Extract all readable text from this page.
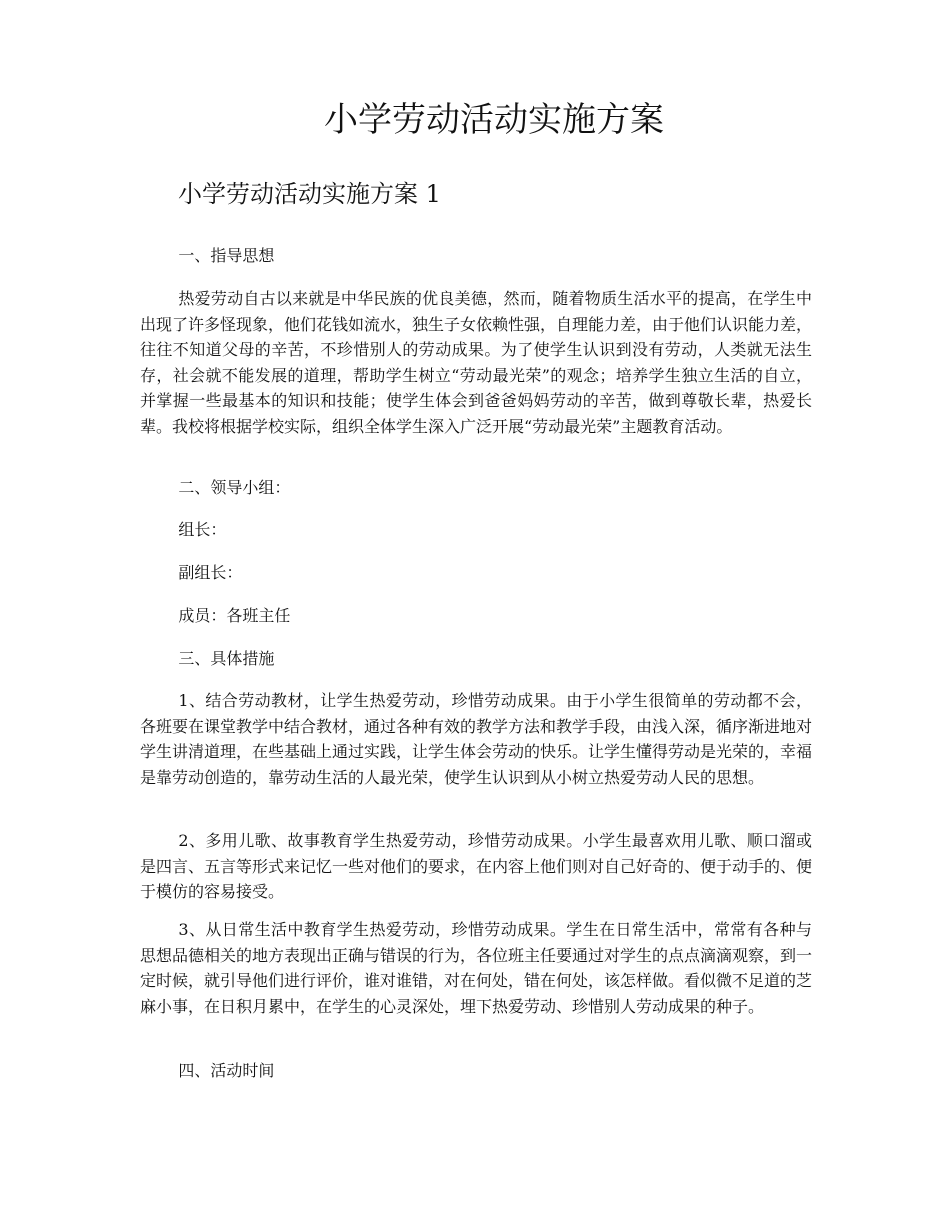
小学劳动活动实施方案
小学劳动活动实施方案 1

一、指导思想

热爱劳动自古以来就是中华民族的优良美德，然而，随着物质生活水平的提高，在学生中出现了许多怪现象，他们花钱如流水，独生子女依赖性强，自理能力差，由于他们认识能力差，往往不知道父母的辛苦，不珍惜别人的劳动成果。为了使学生认识到没有劳动，人类就无法生存，社会就不能发展的道理，帮助学生树立“劳动最光荣”的观念；培养学生独立生活的自立，并掌握一些最基本的知识和技能；使学生体会到爸爸妈妈劳动的辛苦，做到尊敬长辈，热爱长辈。我校将根据学校实际，组织全体学生深入广泛开展“劳动最光荣”主题教育活动。

二、领导小组：

组长：

副组长：

成员：各班主任

三、具体措施

1、结合劳动教材，让学生热爱劳动，珍惜劳动成果。由于小学生很简单的劳动都不会，各班要在课堂教学中结合教材，通过各种有效的教学方法和教学手段，由浅入深，循序渐进地对学生讲清道理，在些基础上通过实践，让学生体会劳动的快乐。让学生懂得劳动是光荣的，幸福是靠劳动创造的，靠劳动生活的人最光荣，使学生认识到从小树立热爱劳动人民的思想。

2、多用儿歌、故事教育学生热爱劳动，珍惜劳动成果。小学生最喜欢用儿歌、顺口溜或是四言、五言等形式来记忆一些对他们的要求，在内容上他们则对自己好奇的、便于动手的、便于模仿的容易接受。

3、从日常生活中教育学生热爱劳动，珍惜劳动成果。学生在日常生活中，常常有各种与思想品德相关的地方表现出正确与错误的行为，各位班主任要通过对学生的点点滴滴观察，到一定时候，就引导他们进行评价，谁对谁错，对在何处，错在何处，该怎样做。看似微不足道的芝麻小事，在日积月累中，在学生的心灵深处，埋下热爱劳动、珍惜别人劳动成果的种子。

四、活动时间
